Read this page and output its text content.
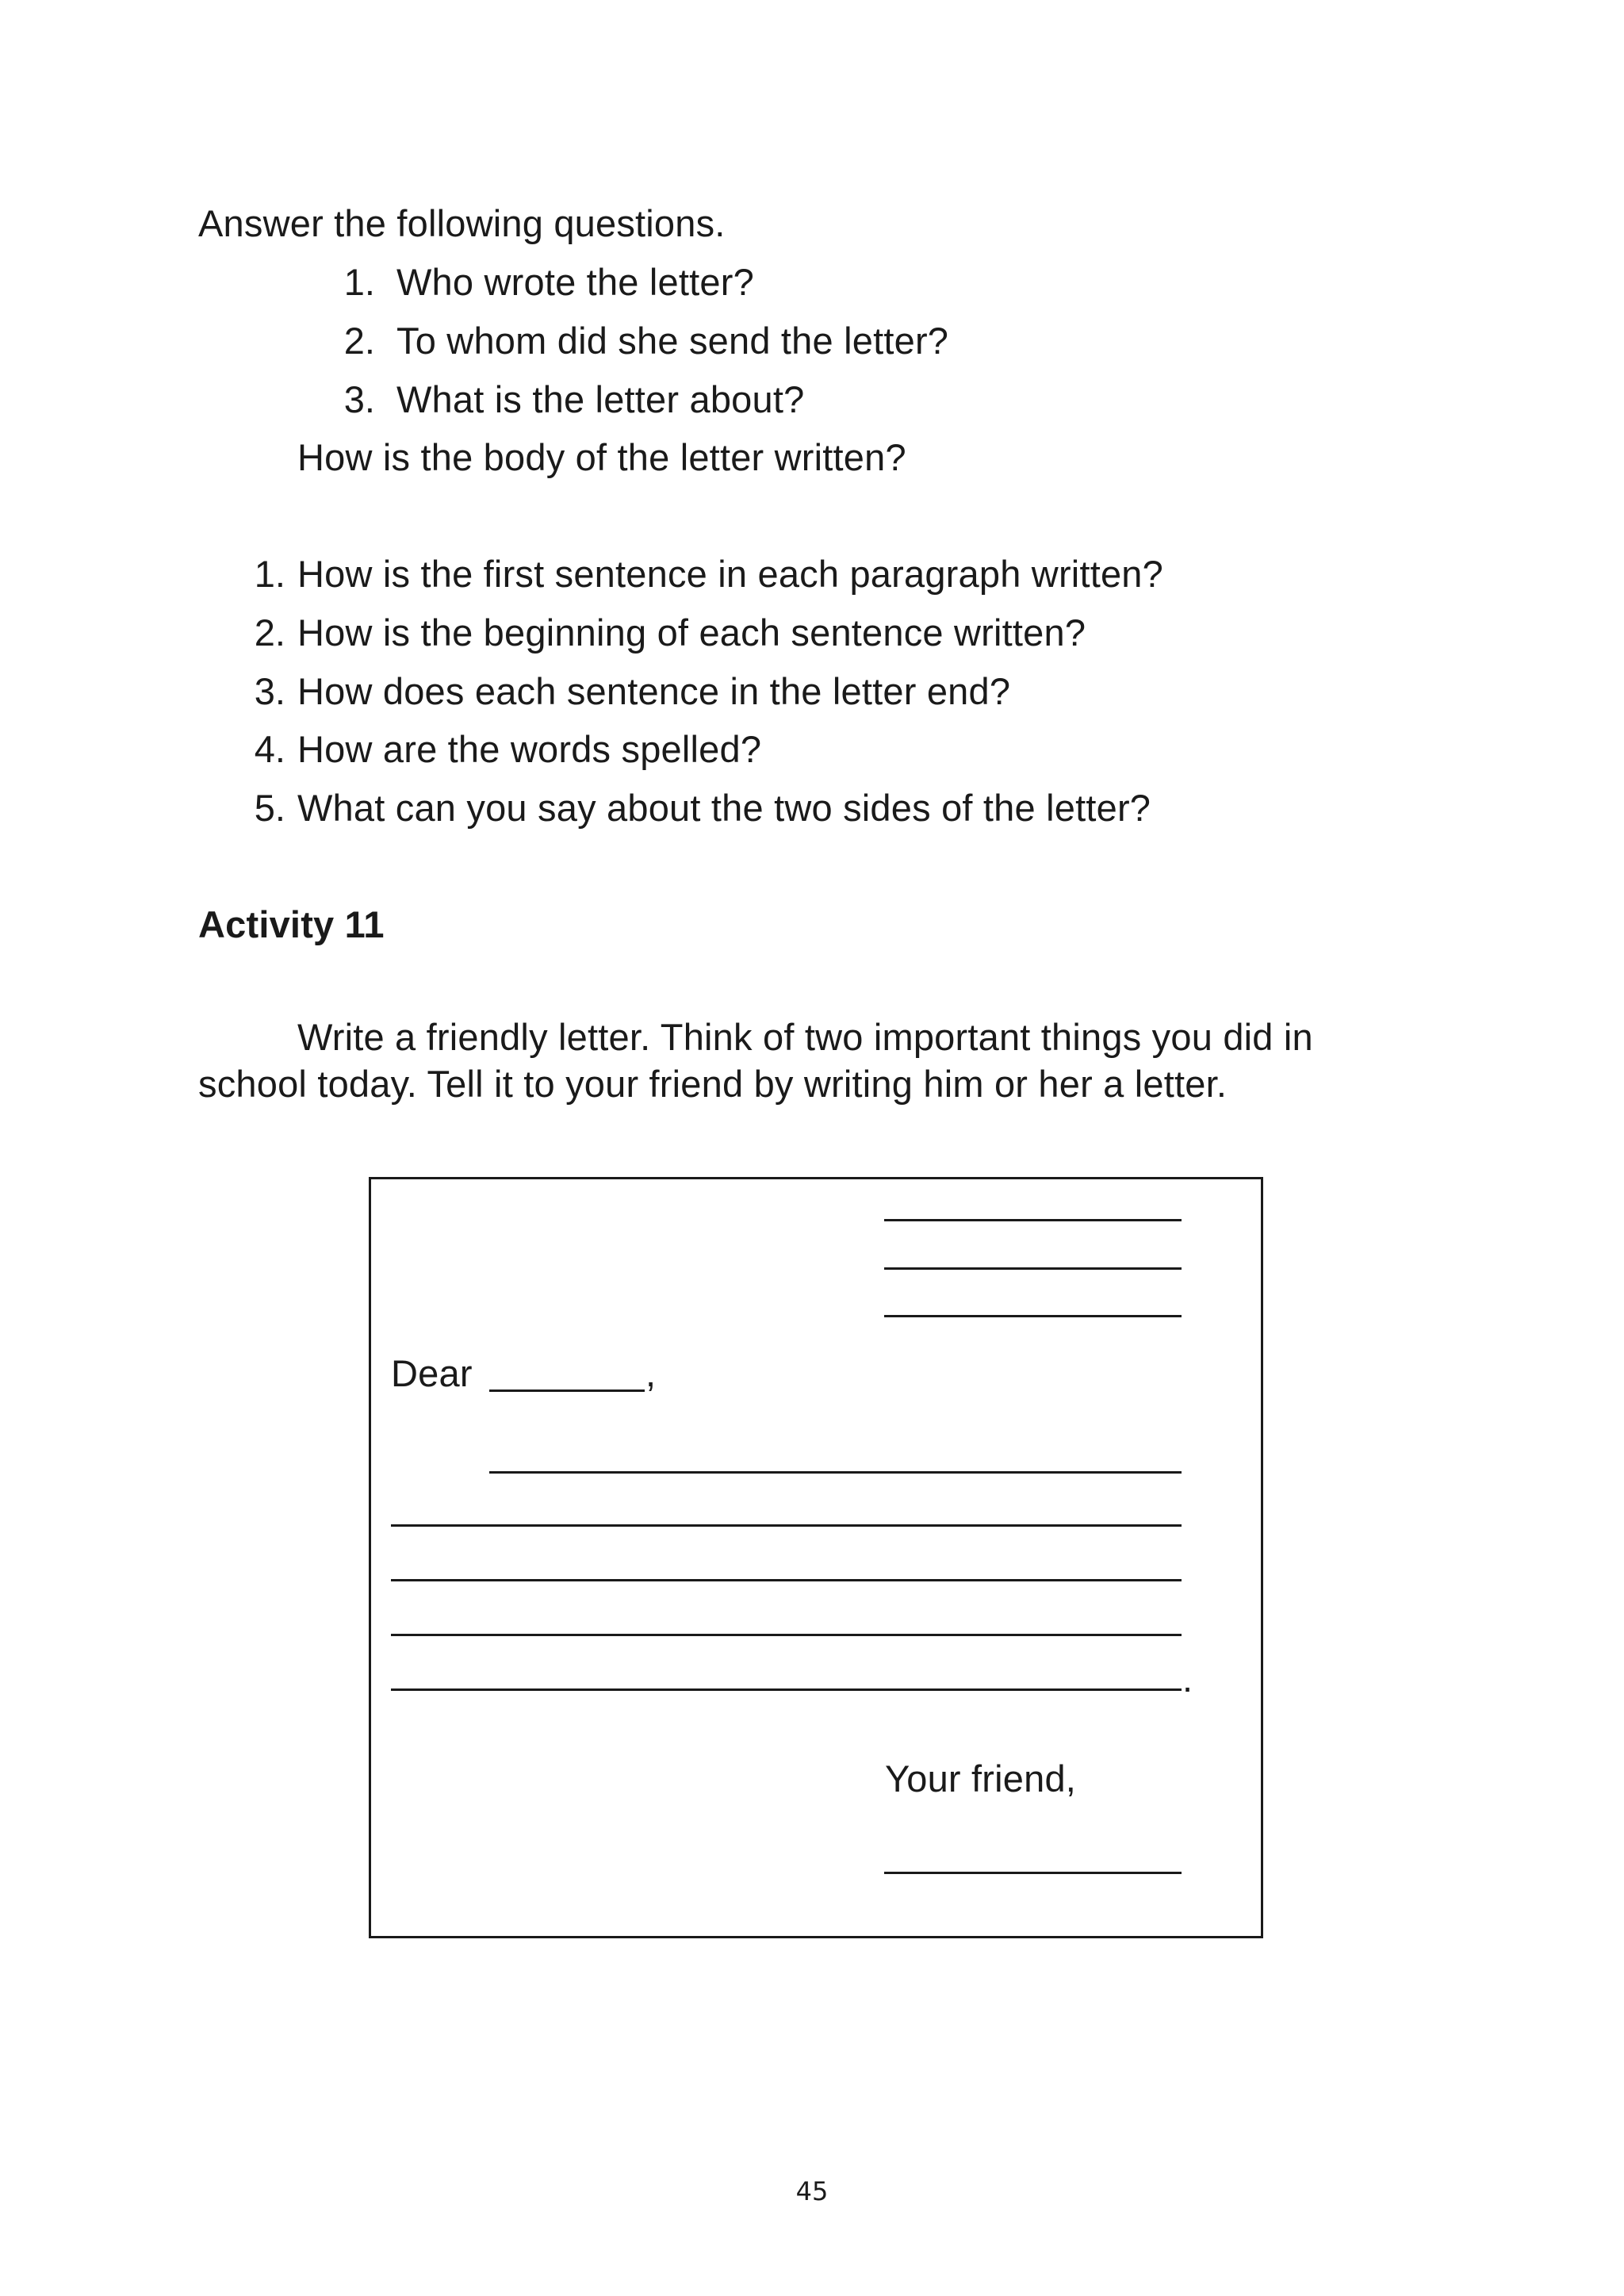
Answer the following questions.
1. Who wrote the letter?
2. To whom did she send the letter?
3. What is the letter about?
How is the body of the letter written?
1. How is the first sentence in each paragraph written?
2. How is the beginning of each sentence written?
3. How does each sentence in the letter end?
4. How are the words spelled?
5. What can you say about the two sides of the letter?
Activity 11
Write a friendly letter. Think of two important things you did in
school today. Tell it to your friend by writing him or her a letter.
Dear	,
.
Your friend,
45
